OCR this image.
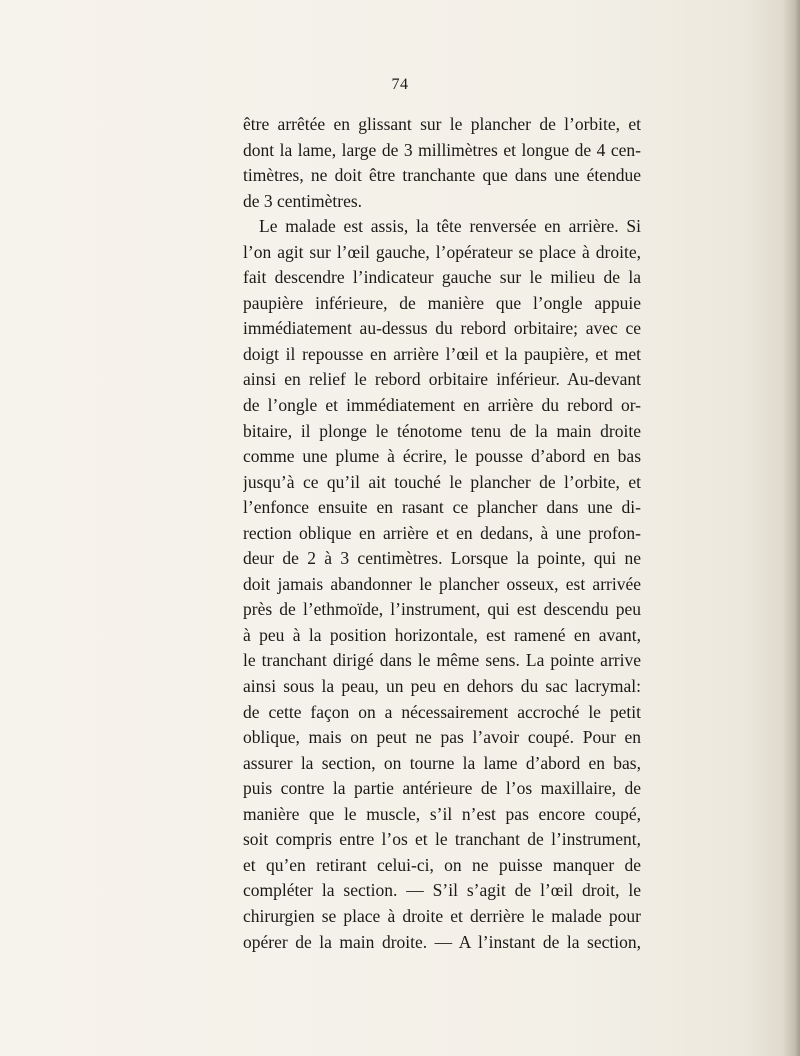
74
être arrêtée en glissant sur le plancher de l’orbite, et
dont la lame, large de 3 millimètres et longue de 4 cen-
timètres, ne doit être tranchante que dans une étendue
de 3 centimètres.
Le malade est assis, la tête renversée en arrière. Si
l’on agit sur l’œil gauche, l’opérateur se place à droite,
fait descendre l’indicateur gauche sur le milieu de la
paupière inférieure, de manière que l’ongle appuie
immédiatement au-dessus du rebord orbitaire; avec ce
doigt il repousse en arrière l’œil et la paupière, et met
ainsi en relief le rebord orbitaire inférieur. Au-devant
de l’ongle et immédiatement en arrière du rebord or-
bitaire, il plonge le ténotome tenu de la main droite
comme une plume à écrire, le pousse d’abord en bas
jusqu’à ce qu’il ait touché le plancher de l’orbite, et
l’enfonce ensuite en rasant ce plancher dans une di-
rection oblique en arrière et en dedans, à une profon-
deur de 2 à 3 centimètres. Lorsque la pointe, qui ne
doit jamais abandonner le plancher osseux, est arrivée
près de l’ethmoïde, l’instrument, qui est descendu peu
à peu à la position horizontale, est ramené en avant,
le tranchant dirigé dans le même sens. La pointe arrive
ainsi sous la peau, un peu en dehors du sac lacrymal:
de cette façon on a nécessairement accroché le petit
oblique, mais on peut ne pas l’avoir coupé. Pour en
assurer la section, on tourne la lame d’abord en bas,
puis contre la partie antérieure de l’os maxillaire, de
manière que le muscle, s’il n’est pas encore coupé,
soit compris entre l’os et le tranchant de l’instrument,
et qu’en retirant celui-ci, on ne puisse manquer de
compléter la section. — S’il s’agit de l’œil droit, le
chirurgien se place à droite et derrière le malade pour
opérer de la main droite. — A l’instant de la section,
